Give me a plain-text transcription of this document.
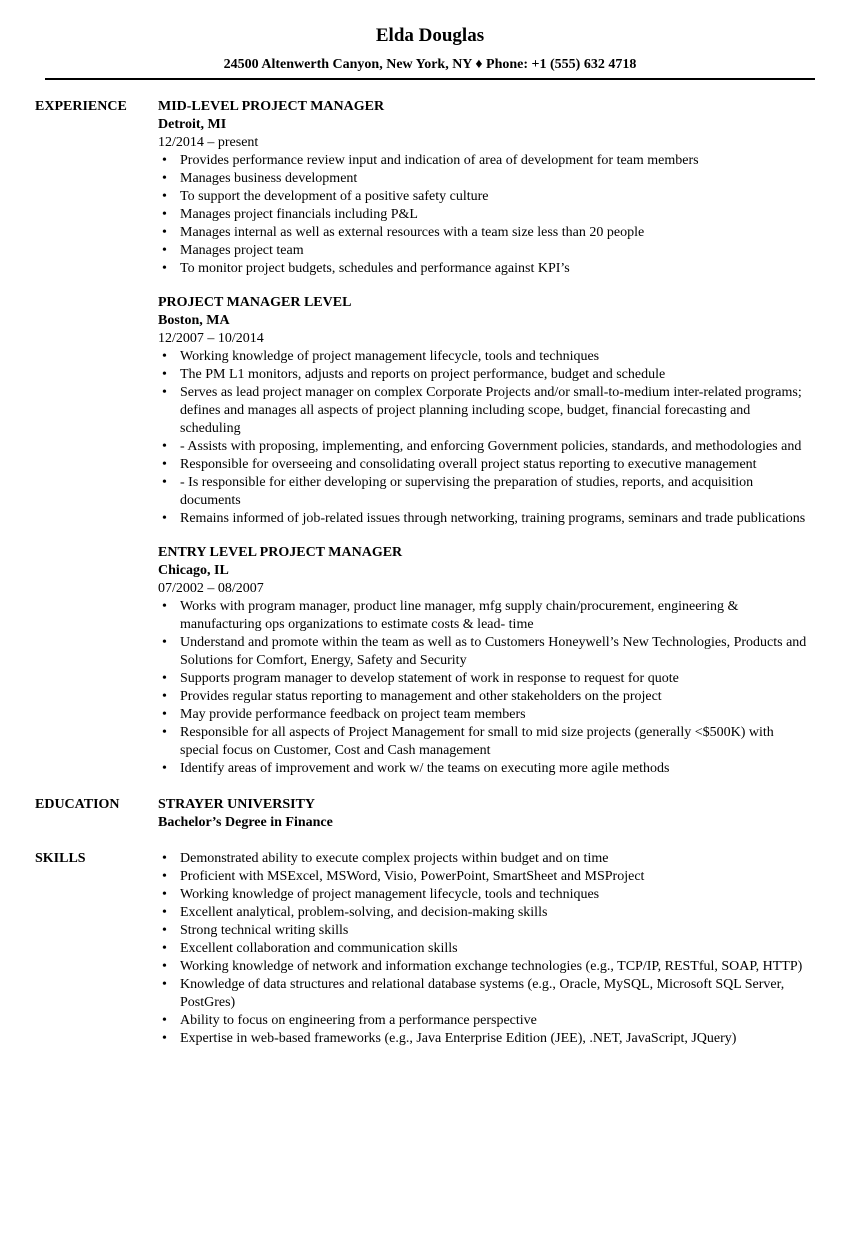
Elda Douglas
24500 Altenwerth Canyon, New York, NY ♦ Phone: +1 (555) 632 4718
EXPERIENCE	MID-LEVEL PROJECT MANAGER
Detroit, MI
12/2014 – present
• Provides performance review input and indication of area of development for team members
• Manages business development
• To support the development of a positive safety culture
• Manages project financials including P&L
• Manages internal as well as external resources with a team size less than 20 people
• Manages project team
• To monitor project budgets, schedules and performance against KPI’s
PROJECT MANAGER LEVEL
Boston, MA
12/2007 – 10/2014
• Working knowledge of project management lifecycle, tools and techniques
• The PM L1 monitors, adjusts and reports on project performance, budget and schedule
• Serves as lead project manager on complex Corporate Projects and/or small-to-medium inter-related programs; defines and manages all aspects of project planning including scope, budget, financial forecasting and scheduling
• - Assists with proposing, implementing, and enforcing Government policies, standards, and methodologies and
• Responsible for overseeing and consolidating overall project status reporting to executive management
• - Is responsible for either developing or supervising the preparation of studies, reports, and acquisition documents
• Remains informed of job-related issues through networking, training programs, seminars and trade publications
ENTRY LEVEL PROJECT MANAGER
Chicago, IL
07/2002 – 08/2007
• Works with program manager, product line manager, mfg supply chain/procurement, engineering & manufacturing ops organizations to estimate costs & lead- time
• Understand and promote within the team as well as to Customers Honeywell’s New Technologies, Products and Solutions for Comfort, Energy, Safety and Security
• Supports program manager to develop statement of work in response to request for quote
• Provides regular status reporting to management and other stakeholders on the project
• May provide performance feedback on project team members
• Responsible for all aspects of Project Management for small to mid size projects (generally <$500K) with special focus on Customer, Cost and Cash management
• Identify areas of improvement and work w/ the teams on executing more agile methods
EDUCATION	STRAYER UNIVERSITY
Bachelor’s Degree in Finance
SKILLS
•	Demonstrated ability to execute complex projects within budget and on time
• Proficient with MSExcel, MSWord, Visio, PowerPoint, SmartSheet and MSProject
• Working knowledge of project management lifecycle, tools and techniques
• Excellent analytical, problem-solving, and decision-making skills
• Strong technical writing skills
• Excellent collaboration and communication skills
• Working knowledge of network and information exchange technologies (e.g., TCP/IP, RESTful, SOAP, HTTP)
• Knowledge of data structures and relational database systems (e.g., Oracle, MySQL, Microsoft SQL Server, PostGres)
• Ability to focus on engineering from a performance perspective
• Expertise in web-based frameworks (e.g., Java Enterprise Edition (JEE), .NET, JavaScript, JQuery)
